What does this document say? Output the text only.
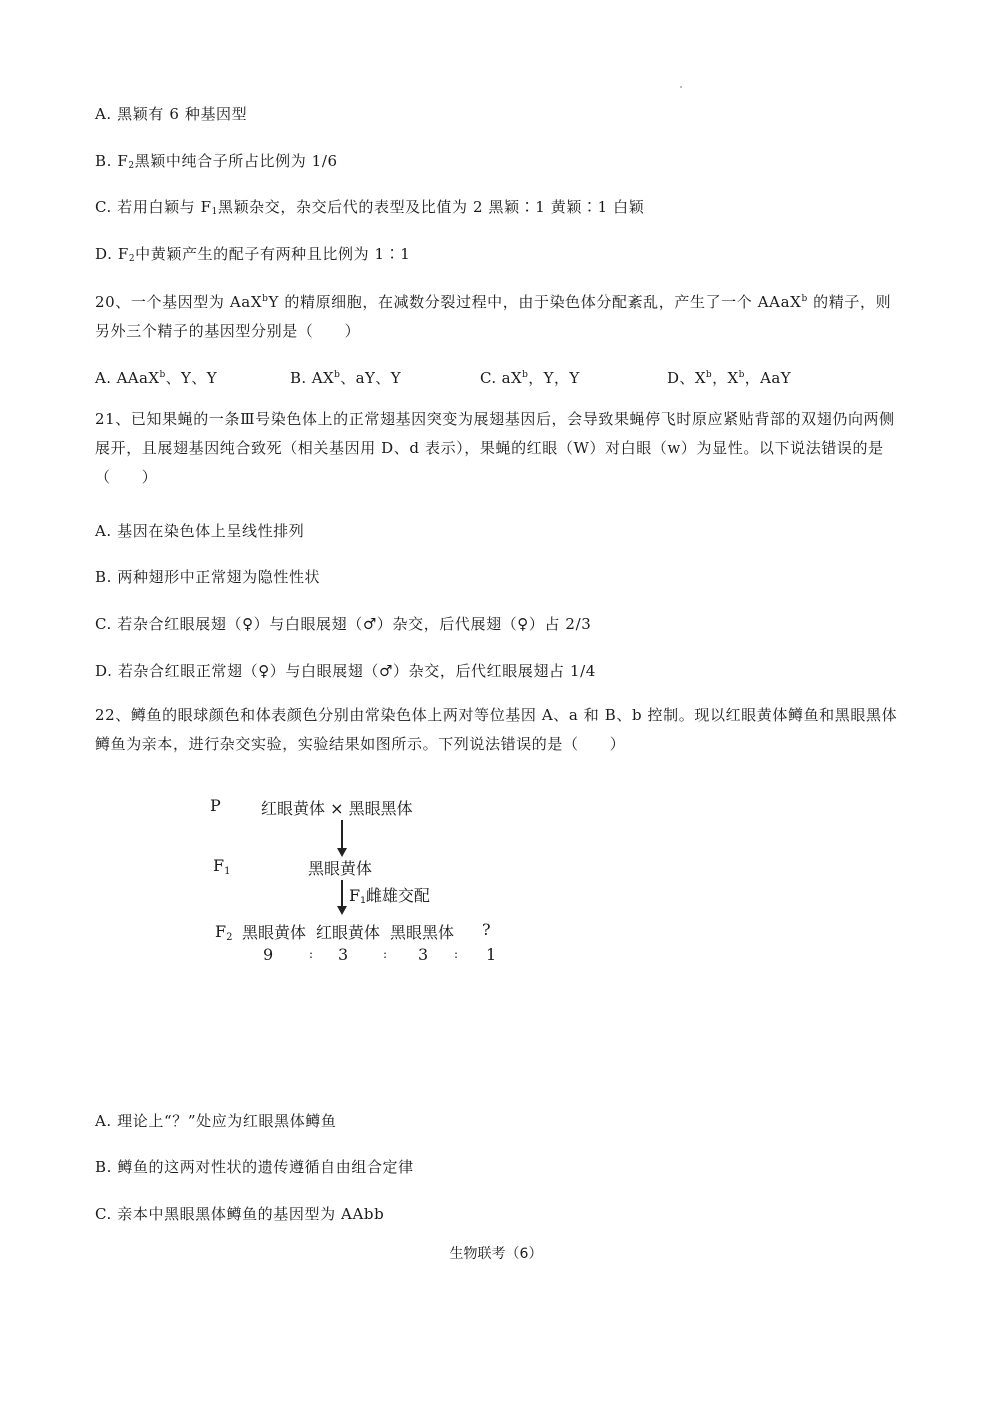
A. 黑颖有 6 种基因型
B. $F_2$黑颖中纯合子所占比例为 1/6
C. 若用白颖与 $F_1$黑颖杂交，杂交后代的表型及比值为 2 黑颖∶1 黄颖∶1 白颖
D. $F_2$中黄颖产生的配子有两种且比例为 1∶1
20、一个基因型为 AaX$^b$Y 的精原细胞，在减数分裂过程中，由于染色体分配紊乱，产生了一个 AAaX$^b$ 的精子，则另外三个精子的基因型分别是（　　）
A. AAaX$^b$、Y、Y	B. $AX^b$、aY、Y	C. $aX^b$，Y，Y	D、$X^b$，$X^b$，AaY
21、已知果蝇的一条Ⅲ号染色体上的正常翅基因突变为展翅基因后，会导致果蝇停飞时原应紧贴背部的双翅仍向两侧展开，且展翅基因纯合致死（相关基因用 D、d 表示），果蝇的红眼（W）对白眼（w）为显性。以下说法错误的是（　　）
A. 基因在染色体上呈线性排列
B. 两种翅形中正常翅为隐性性状
C. 若杂合红眼展翅（♀）与白眼展翅（♂）杂交，后代展翅（♀）占 2/3
D. 若杂合红眼正常翅（♀）与白眼展翅（♂）杂交，后代红眼展翅占 1/4
22、鳟鱼的眼球颜色和体表颜色分别由常染色体上两对等位基因 A、a 和 B、b 控制。现以红眼黄体鳟鱼和黑眼黑体鳟鱼为亲本，进行杂交实验，实验结果如图所示。下列说法错误的是（　　）
P	红眼黄体 × 黑眼黑体
$F_1$	黑眼黄体
$F_1$雌雄交配
$F_2$ 黑眼黄体 红眼黄体 黑眼黑体 ?
9	: 3	: 3 : 1
A. 理论上“？”处应为红眼黑体鳟鱼
B. 鳟鱼的这两对性状的遗传遵循自由组合定律
C. 亲本中黑眼黑体鳟鱼的基因型为 AAbb
生物联考（6）
